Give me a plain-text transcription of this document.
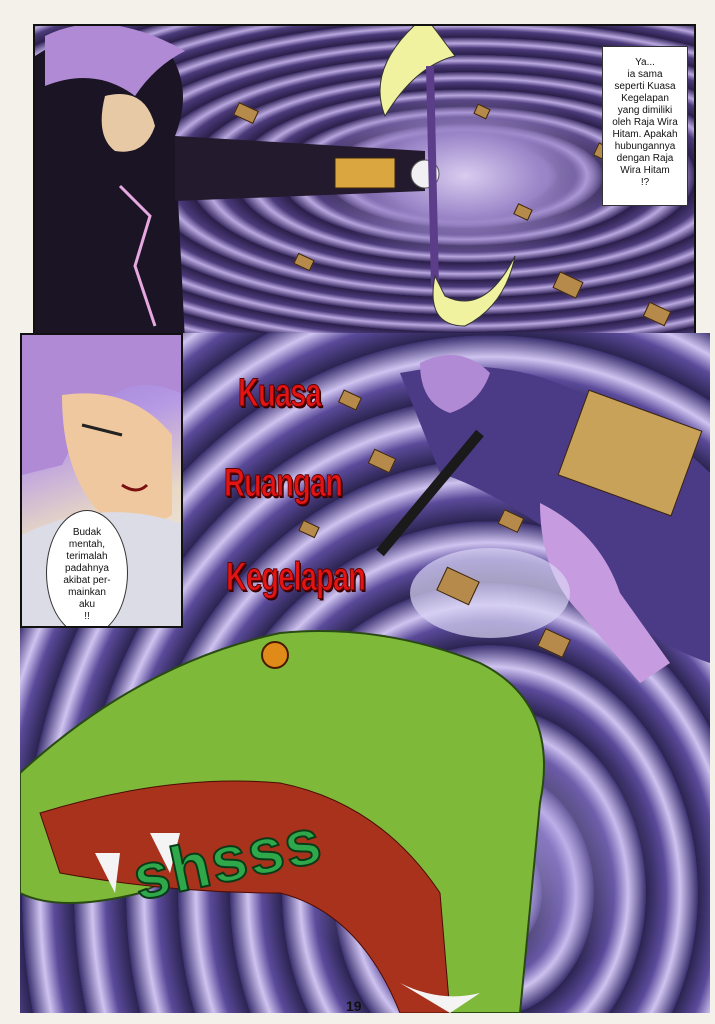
Ya...
ia sama
seperti Kuasa
Kegelapan
yang dimiliki
oleh Raja Wira
Hitam. Apakah
hubungannya
dengan Raja
Wira Hitam
!?
Kuasa
Ruangan
Kegelapan
Budak
mentah,
terimalah
padahnya
akibat per-
mainkan
aku
!!
shsss
19
